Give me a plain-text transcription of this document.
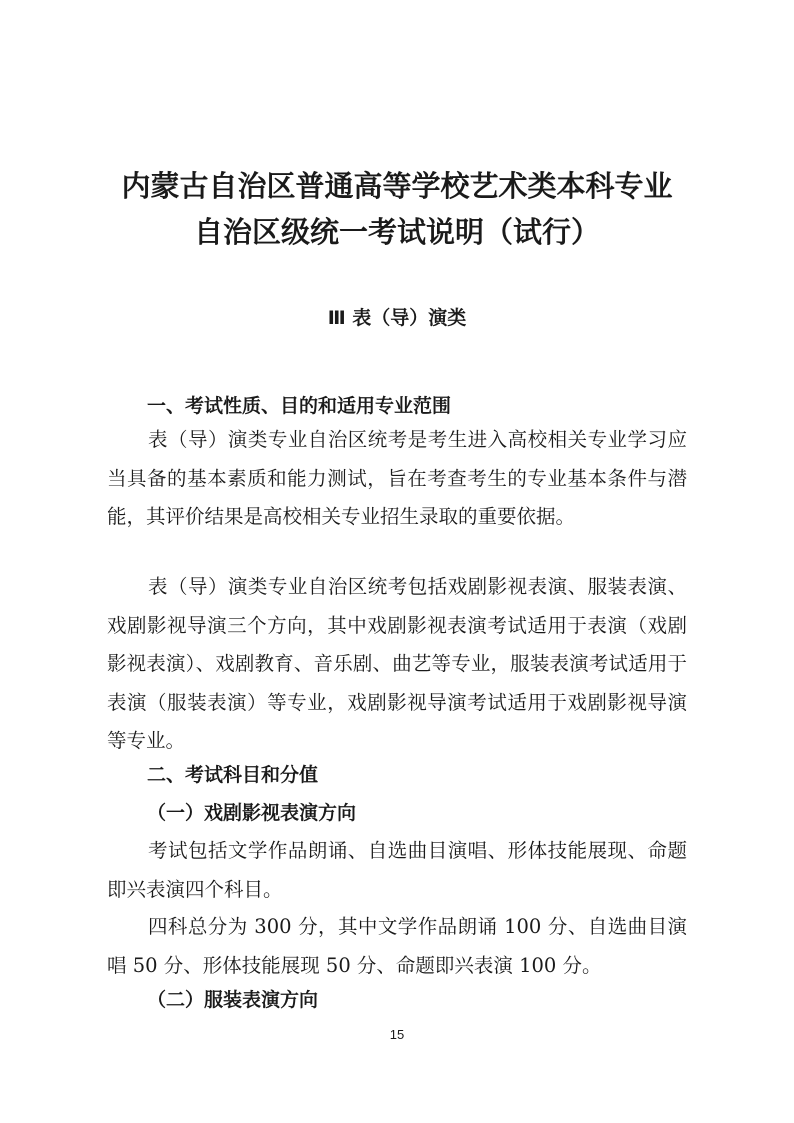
内蒙古自治区普通高等学校艺术类本科专业
自治区级统一考试说明（试行）
Ⅲ 表（导）演类
一、考试性质、目的和适用专业范围

表（导）演类专业自治区统考是考生进入高校相关专业学习应当具备的基本素质和能力测试，旨在考查考生的专业基本条件与潜能，其评价结果是高校相关专业招生录取的重要依据。

表（导）演类专业自治区统考包括戏剧影视表演、服装表演、戏剧影视导演三个方向，其中戏剧影视表演考试适用于表演（戏剧影视表演）、戏剧教育、音乐剧、曲艺等专业，服装表演考试适用于表演（服装表演）等专业，戏剧影视导演考试适用于戏剧影视导演等专业。

二、考试科目和分值
（一）戏剧影视表演方向

考试包括文学作品朗诵、自选曲目演唱、形体技能展现、命题即兴表演四个科目。

四科总分为 300 分，其中文学作品朗诵 100 分、自选曲目演唱 50 分、形体技能展现 50 分、命题即兴表演 100 分。

（二）服装表演方向
15
